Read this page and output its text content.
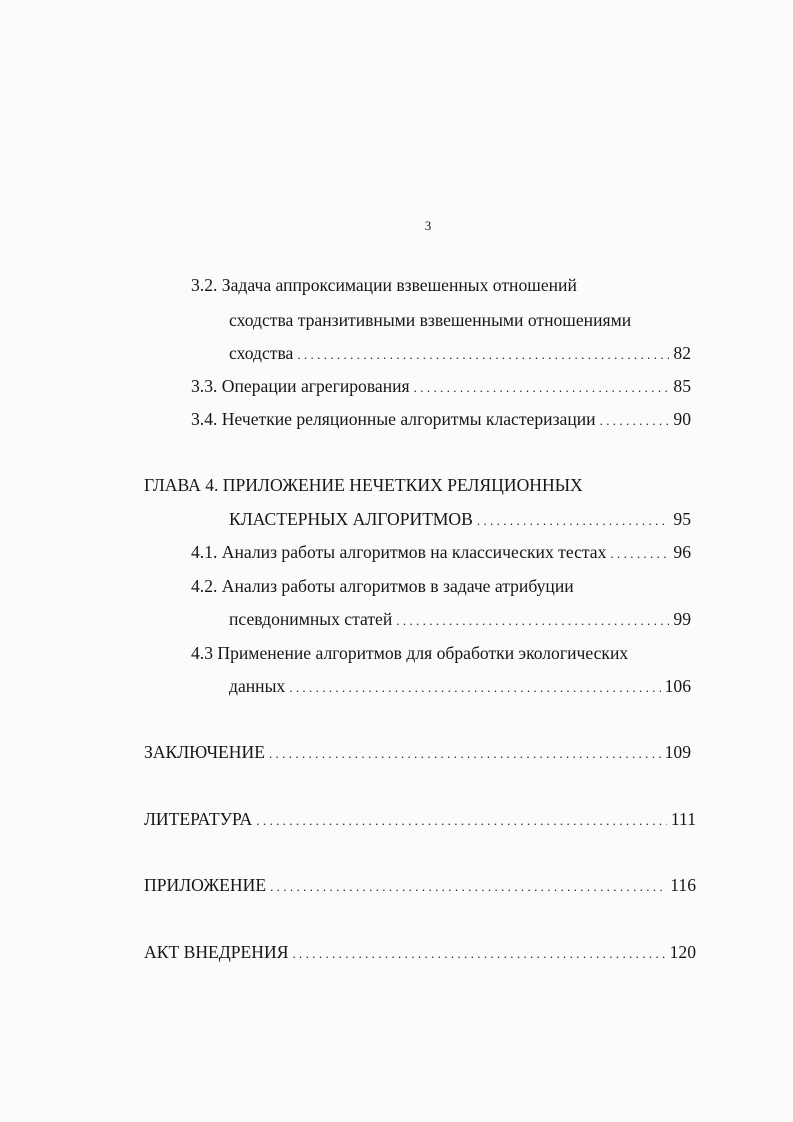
3
3.2. Задача аппроксимации взвешенных отношений
сходства транзитивными взвешенными отношениями
сходства . . .	82
3.3. Операции агрегирования . . .	85
3.4. Нечеткие реляционные алгоритмы кластеризации . . .	90
ГЛАВА 4. ПРИЛОЖЕНИЕ НЕЧЕТКИХ РЕЛЯЦИОННЫХ
КЛАСТЕРНЫХ АЛГОРИТМОВ . . .	95
4.1. Анализ работы алгоритмов на классических тестах . . .	96
4.2. Анализ работы алгоритмов в задаче атрибуции
псевдонимных статей . . .	99
4.3 Применение алгоритмов для обработки экологических
данных . . .	106
ЗАКЛЮЧЕНИЕ . . .	109
ЛИТЕРАТУРА . . .	111
ПРИЛОЖЕНИЕ . . .	116
АКТ ВНЕДРЕНИЯ . . .	120
